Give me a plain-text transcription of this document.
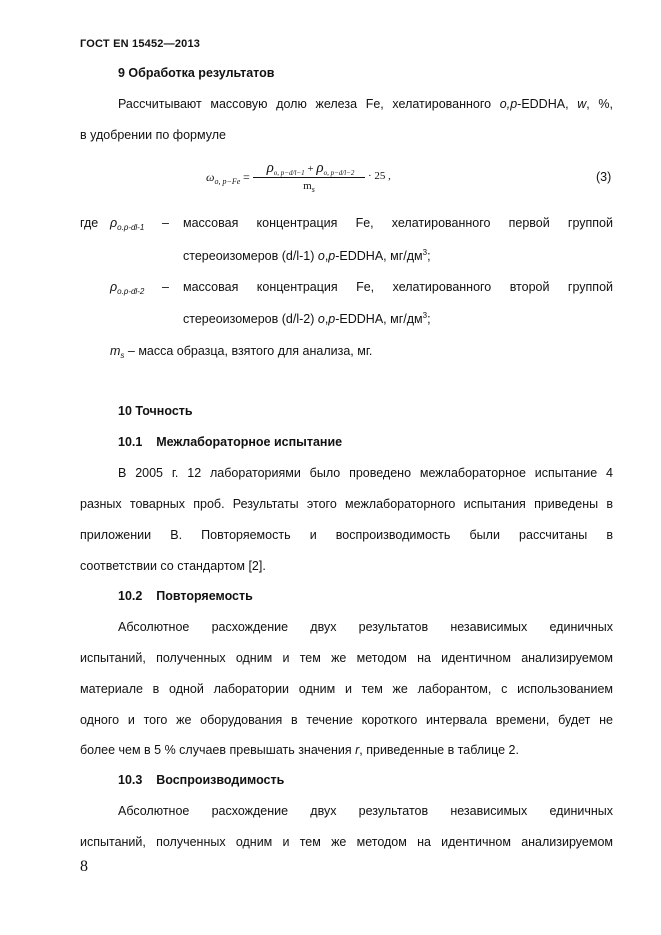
ГОСТ EN 15452—2013
9 Обработка результатов
Рассчитывают массовую долю железа Fe, хелатированного o,p-EDDHA, w, %,
в удобрении по формуле
$\omega_{o, p-Fe}$ =
$\rho_{o, p-d/l-1} + \rho_{o, p-d/l-2}$
$m_s$
· 25 ,	(3)
где $\rho_{o.p-dl-1}$ – массовая концентрация Fe, хелатированного первой группой
стереоизомеров (d/l-1) o,p-EDDHA, $мг/дм^3$;
$\rho_{o.p-dl-2}$ – массовая концентрация Fe, хелатированного второй группой
стереоизомеров (d/l-2) o,p-EDDHA, $мг/дм^3$;
$m_s$ – масса образца, взятого для анализа, мг.
10 Точность
10.1    Межлабораторное испытание
В 2005 г. 12 лабораториями было проведено межлабораторное испытание 4
разных товарных проб. Результаты этого межлабораторного испытания приведены в
приложении В. Повторяемость и воспроизводимость были рассчитаны в
соответствии со стандартом [2].
10.2    Повторяемость
Абсолютное расхождение двух результатов независимых единичных
испытаний, полученных одним и тем же методом на идентичном анализируемом
материале в одной лаборатории одним и тем же лаборантом, с использованием
одного и того же оборудования в течение короткого интервала времени, будет не
более чем в 5 % случаев превышать значения r, приведенные в таблице 2.
10.3    Воспроизводимость
Абсолютное расхождение двух результатов независимых единичных
испытаний, полученных одним и тем же методом на идентичном анализируемом
8
